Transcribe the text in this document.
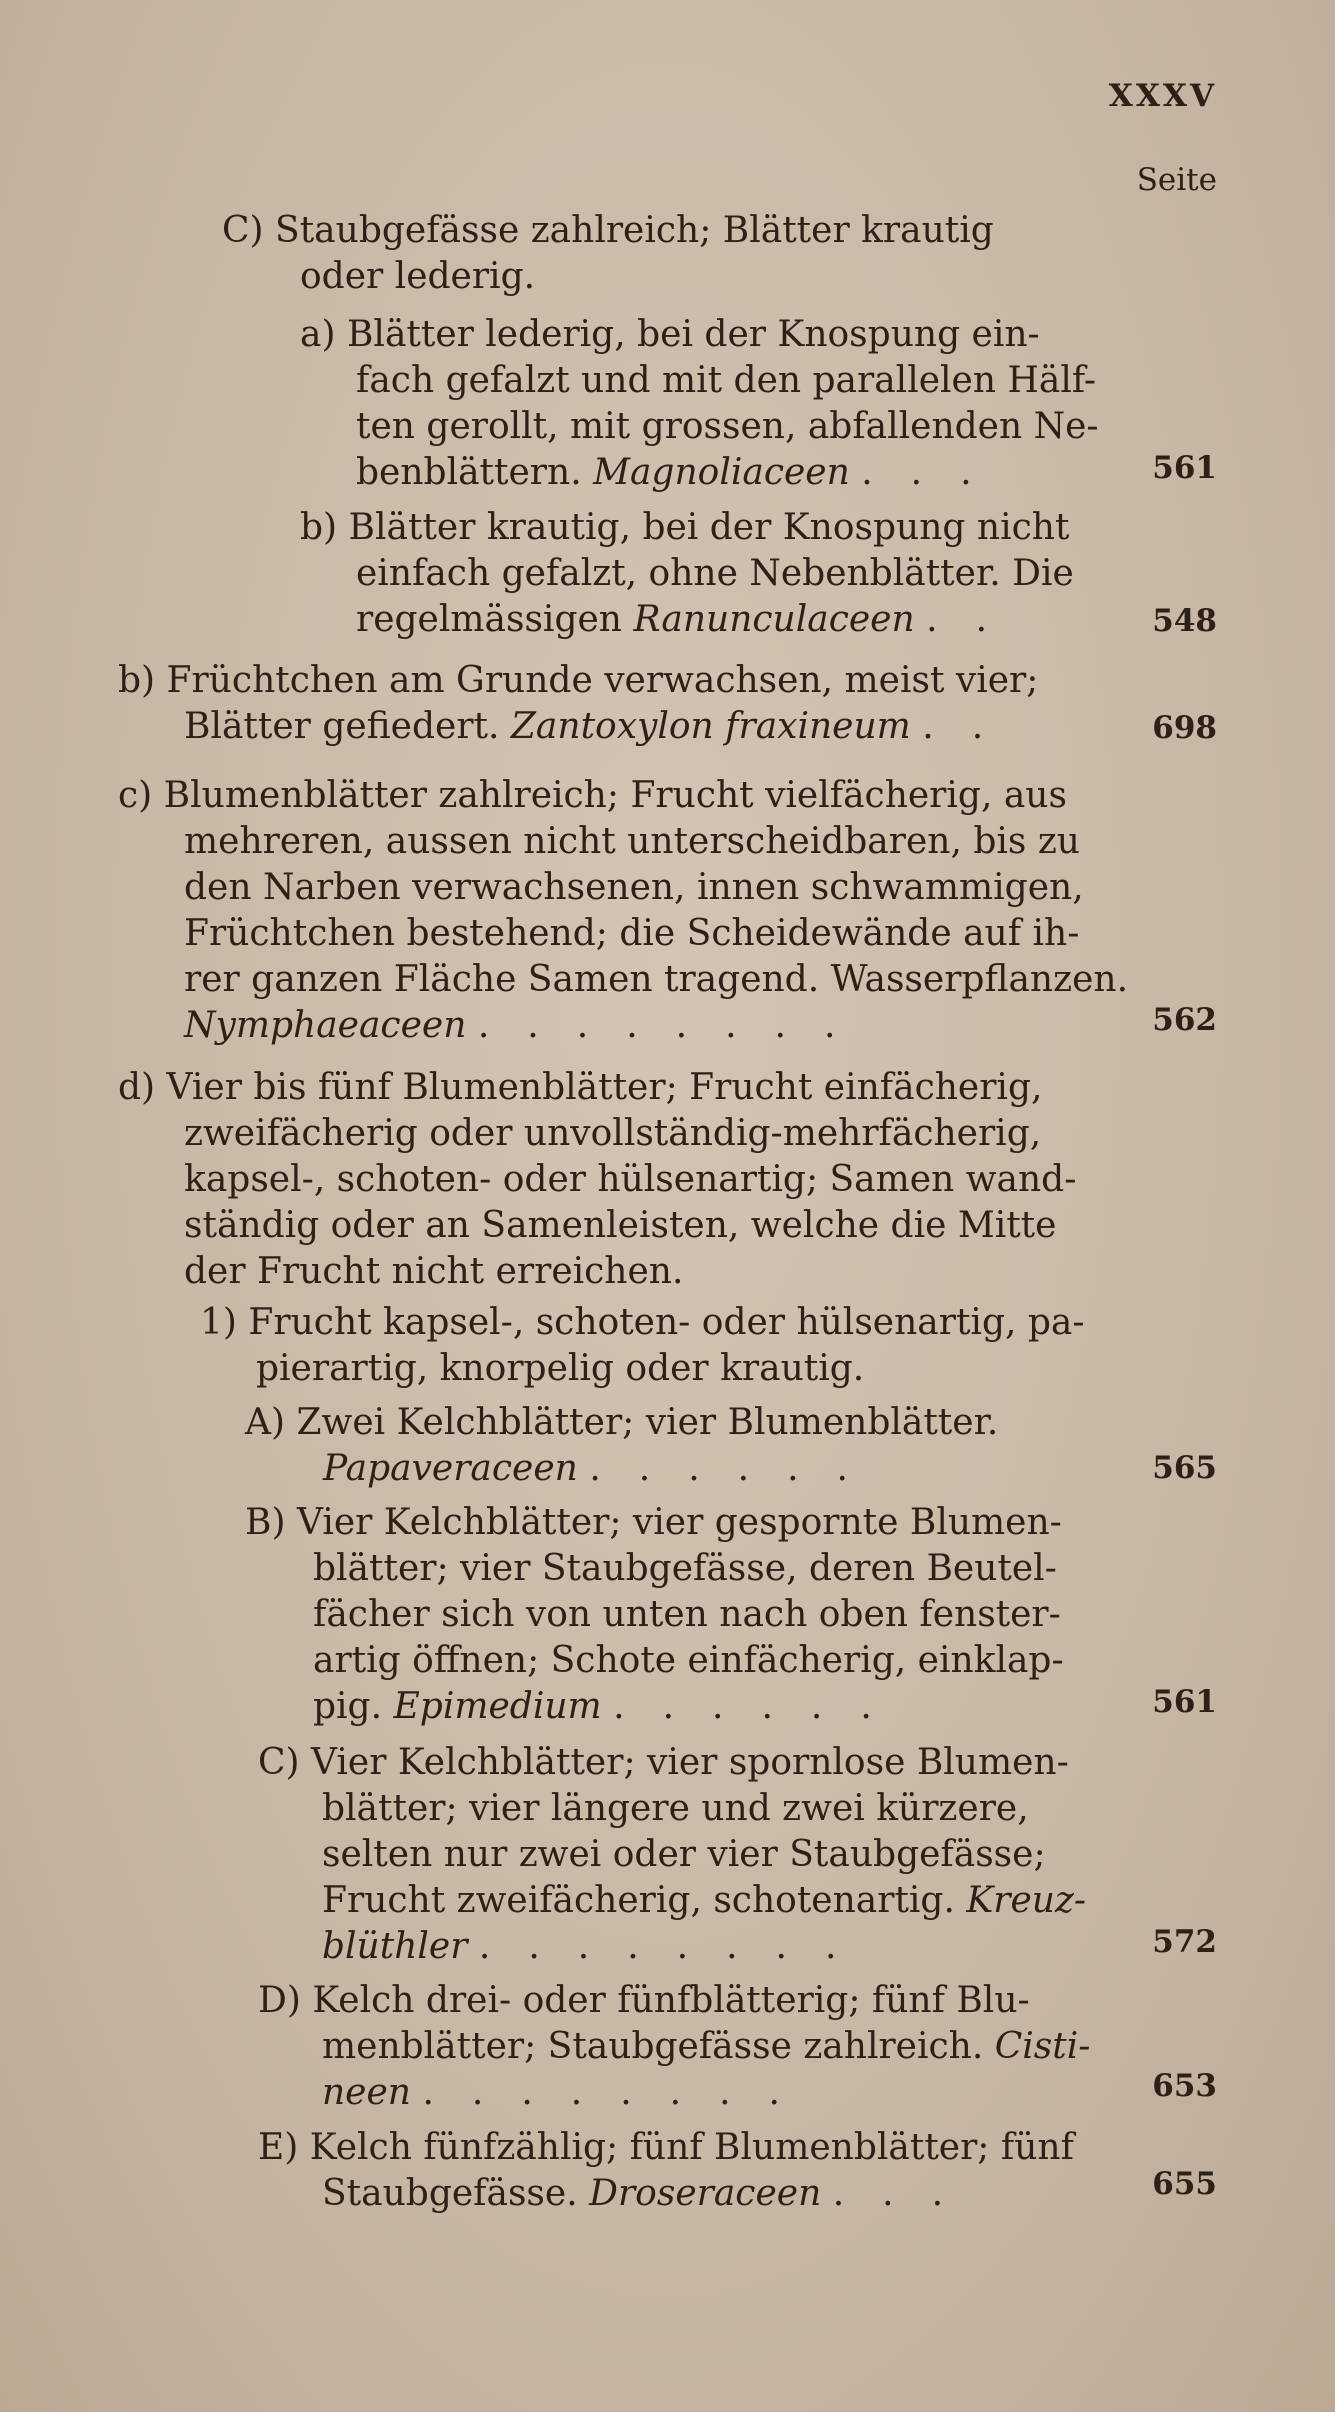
XXXV
Seite
C) Staubgefässe zahlreich; Blätter krautig

oder lederig.

a) Blätter lederig, bei der Knospung ein-

fach gefalzt und mit den parallelen Hälf-

ten gerollt, mit grossen, abfallenden Ne-

benblättern. Magnoliaceen ...	561
b) Blätter krautig, bei der Knospung nicht

einfach gefalzt, ohne Nebenblätter. Die

regelmässigen Ranunculaceen ..	548
b) Früchtchen am Grunde verwachsen, meist vier;

Blätter gefiedert. Zantoxylon fraxineum ..	698
c) Blumenblätter zahlreich; Frucht vielfächerig, aus

mehreren, aussen nicht unterscheidbaren, bis zu

den Narben verwachsenen, innen schwammigen,

Früchtchen bestehend; die Scheidewände auf ih-

rer ganzen Fläche Samen tragend. Wasserpflanzen.

Nymphaeaceen ........	562
d) Vier bis fünf Blumenblätter; Frucht einfächerig,

zweifächerig oder unvollständig-mehrfächerig,

kapsel-, schoten- oder hülsenartig; Samen wand-

ständig oder an Samenleisten, welche die Mitte

der Frucht nicht erreichen.

1) Frucht kapsel-, schoten- oder hülsenartig, pa-

pierartig, knorpelig oder krautig.

A) Zwei Kelchblätter; vier Blumenblätter.

Papaveraceen ......	565
B) Vier Kelchblätter; vier gespornte Blumen-

blätter; vier Staubgefässe, deren Beutel-

fächer sich von unten nach oben fenster-

artig öffnen; Schote einfächerig, einklap-

pig. Epimedium ......	561
C) Vier Kelchblätter; vier spornlose Blumen-

blätter; vier längere und zwei kürzere,

selten nur zwei oder vier Staubgefässe;

Frucht zweifächerig, schotenartig. Kreuz-

blüthler ........	572
D) Kelch drei- oder fünfblätterig; fünf Blu-

menblätter; Staubgefässe zahlreich. Cisti-

neen ........	653
E) Kelch fünfzählig; fünf Blumenblätter; fünf

Staubgefässe. Droseraceen ...	655
